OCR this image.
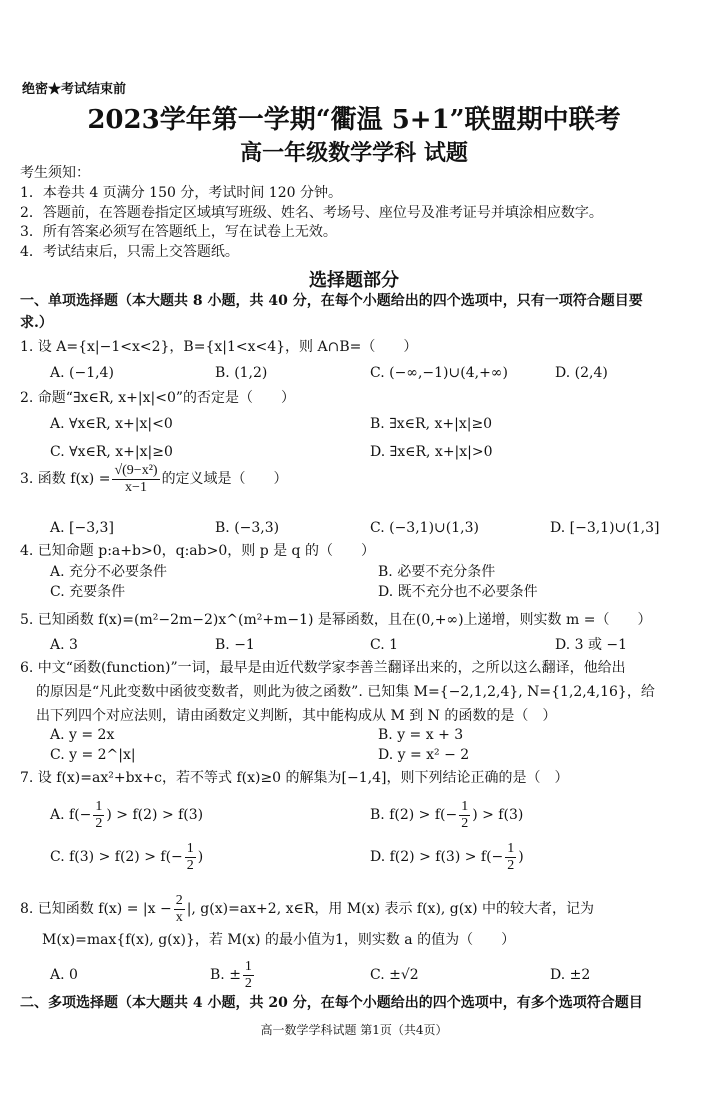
绝密★考试结束前
2023学年第一学期“衢温 5+1”联盟期中联考
高一年级数学学科 试题
考生须知：
1．本卷共 4 页满分 150 分，考试时间 120 分钟。
2．答题前，在答题卷指定区域填写班级、姓名、考场号、座位号及准考证号并填涂相应数字。
3．所有答案必须写在答题纸上，写在试卷上无效。
4．考试结束后，只需上交答题纸。
选择题部分
一、单项选择题（本大题共 8 小题，共 40 分，在每个小题给出的四个选项中，只有一项符合题目要
求.）
1. 设 A={x|−1<x<2}，B={x|1<x<4}，则 A∩B=（　　）
A. (−1,4)	B. (1,2)	C. (−∞,−1)∪(4,+∞)	D. (2,4)
2. 命题“∃x∈R, x+|x|<0”的否定是（　　）
A. ∀x∈R, x+|x|<0	B. ∃x∈R, x+|x|≥0
C. ∀x∈R, x+|x|≥0	D. ∃x∈R, x+|x|>0
3. 函数 $f(x) = \frac{\text{√(9−x²)}}{x-1}$ 的定义域是（　　）
A. [−3,3]	B. (−3,3)	C. (−3,1)∪(1,3)	D. [−3,1)∪(1,3]
4. 已知命题 p:a+b>0，q:ab>0，则 p 是 q 的（　　）
A. 充分不必要条件	B. 必要不充分条件
C. 充要条件	D. 既不充分也不必要条件
5. 已知函数 f(x)=(m²−2m−2)x^(m²+m−1) 是幂函数，且在(0,+∞)上递增，则实数 m =（　　）
A. 3	B. −1	C. 1	D. 3 或 −1
6. 中文“函数(function)”一词，最早是由近代数学家李善兰翻译出来的，之所以这么翻译，他给出
的原因是“凡此变数中函彼变数者，则此为彼之函数”. 已知集 M={−2,1,2,4}, N={1,2,4,16}，给
出下列四个对应法则，请由函数定义判断，其中能构成从 M 到 N 的函数的是（　）
A. y = 2x	B. y = x + 3
C. y = 2^|x|	D. y = x² − 2
7. 设 f(x)=ax²+bx+c，若不等式 f(x)≥0 的解集为[−1,4]，则下列结论正确的是（　）
A. $f(- \frac{1}{2}$ ) > f(2) > f(3)	B. $f(2) > f(- \frac{1}{2}$ ) > f(3)
C. $f(3) > f(2) > f(- \frac{1}{2}$ )	D. $f(2) > f(3) > f(- \frac{1}{2}$ )
8. 已知函数 $f(x) = |x - \frac{2}{x}$ |, g(x)=ax+2, x∈R，用 M(x) 表示 f(x), g(x) 中的较大者，记为
M(x)=max{f(x), g(x)}，若 M(x) 的最小值为1，则实数 a 的值为（　　）
A. 0	B. ± $\frac{1}{2}$	C. ±√2	D. ±2
二、多项选择题（本大题共 4 小题，共 20 分，在每个小题给出的四个选项中，有多个选项符合题目
高一数学学科试题 第1页（共4页）
